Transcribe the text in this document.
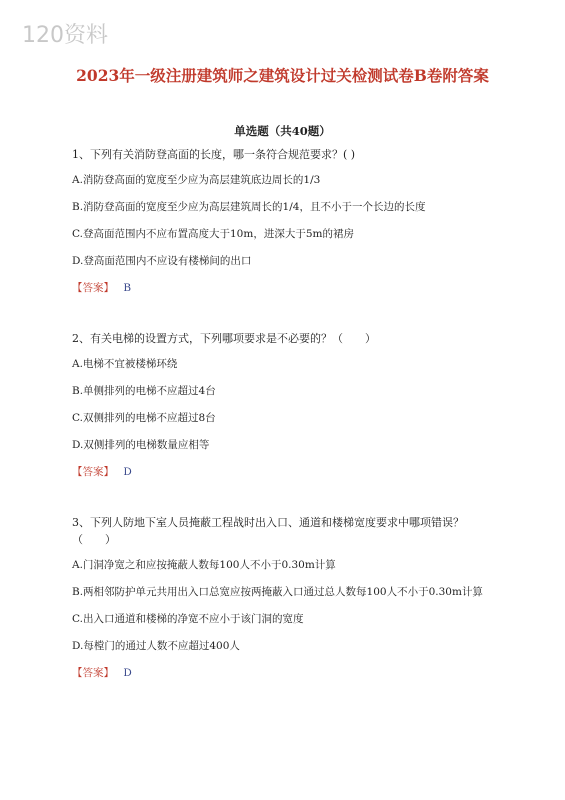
120资料
2023年一级注册建筑师之建筑设计过关检测试卷B卷附答案
单选题（共40题）
1、下列有关消防登高面的长度，哪一条符合规范要求？( )
A.消防登高面的宽度至少应为高层建筑底边周长的1/3
B.消防登高面的宽度至少应为高层建筑周长的1/4，且不小于一个长边的长度
C.登高面范围内不应布置高度大于10m，进深大于5m的裙房
D.登高面范围内不应设有楼梯间的出口
【答案】 B
2、有关电梯的设置方式，下列哪项要求是不必要的？（　　）
A.电梯不宜被楼梯环绕
B.单侧排列的电梯不应超过4台
C.双侧排列的电梯不应超过8台
D.双侧排列的电梯数量应相等
【答案】 D
3、下列人防地下室人员掩蔽工程战时出入口、通道和楼梯宽度要求中哪项错误？（　　）
A.门洞净宽之和应按掩蔽人数每100人不小于0.30m计算
B.两相邻防护单元共用出入口总宽应按两掩蔽入口通过总人数每100人不小于0.30m计算
C.出入口通道和楼梯的净宽不应小于该门洞的宽度
D.每樘门的通过人数不应超过400人
【答案】 D
